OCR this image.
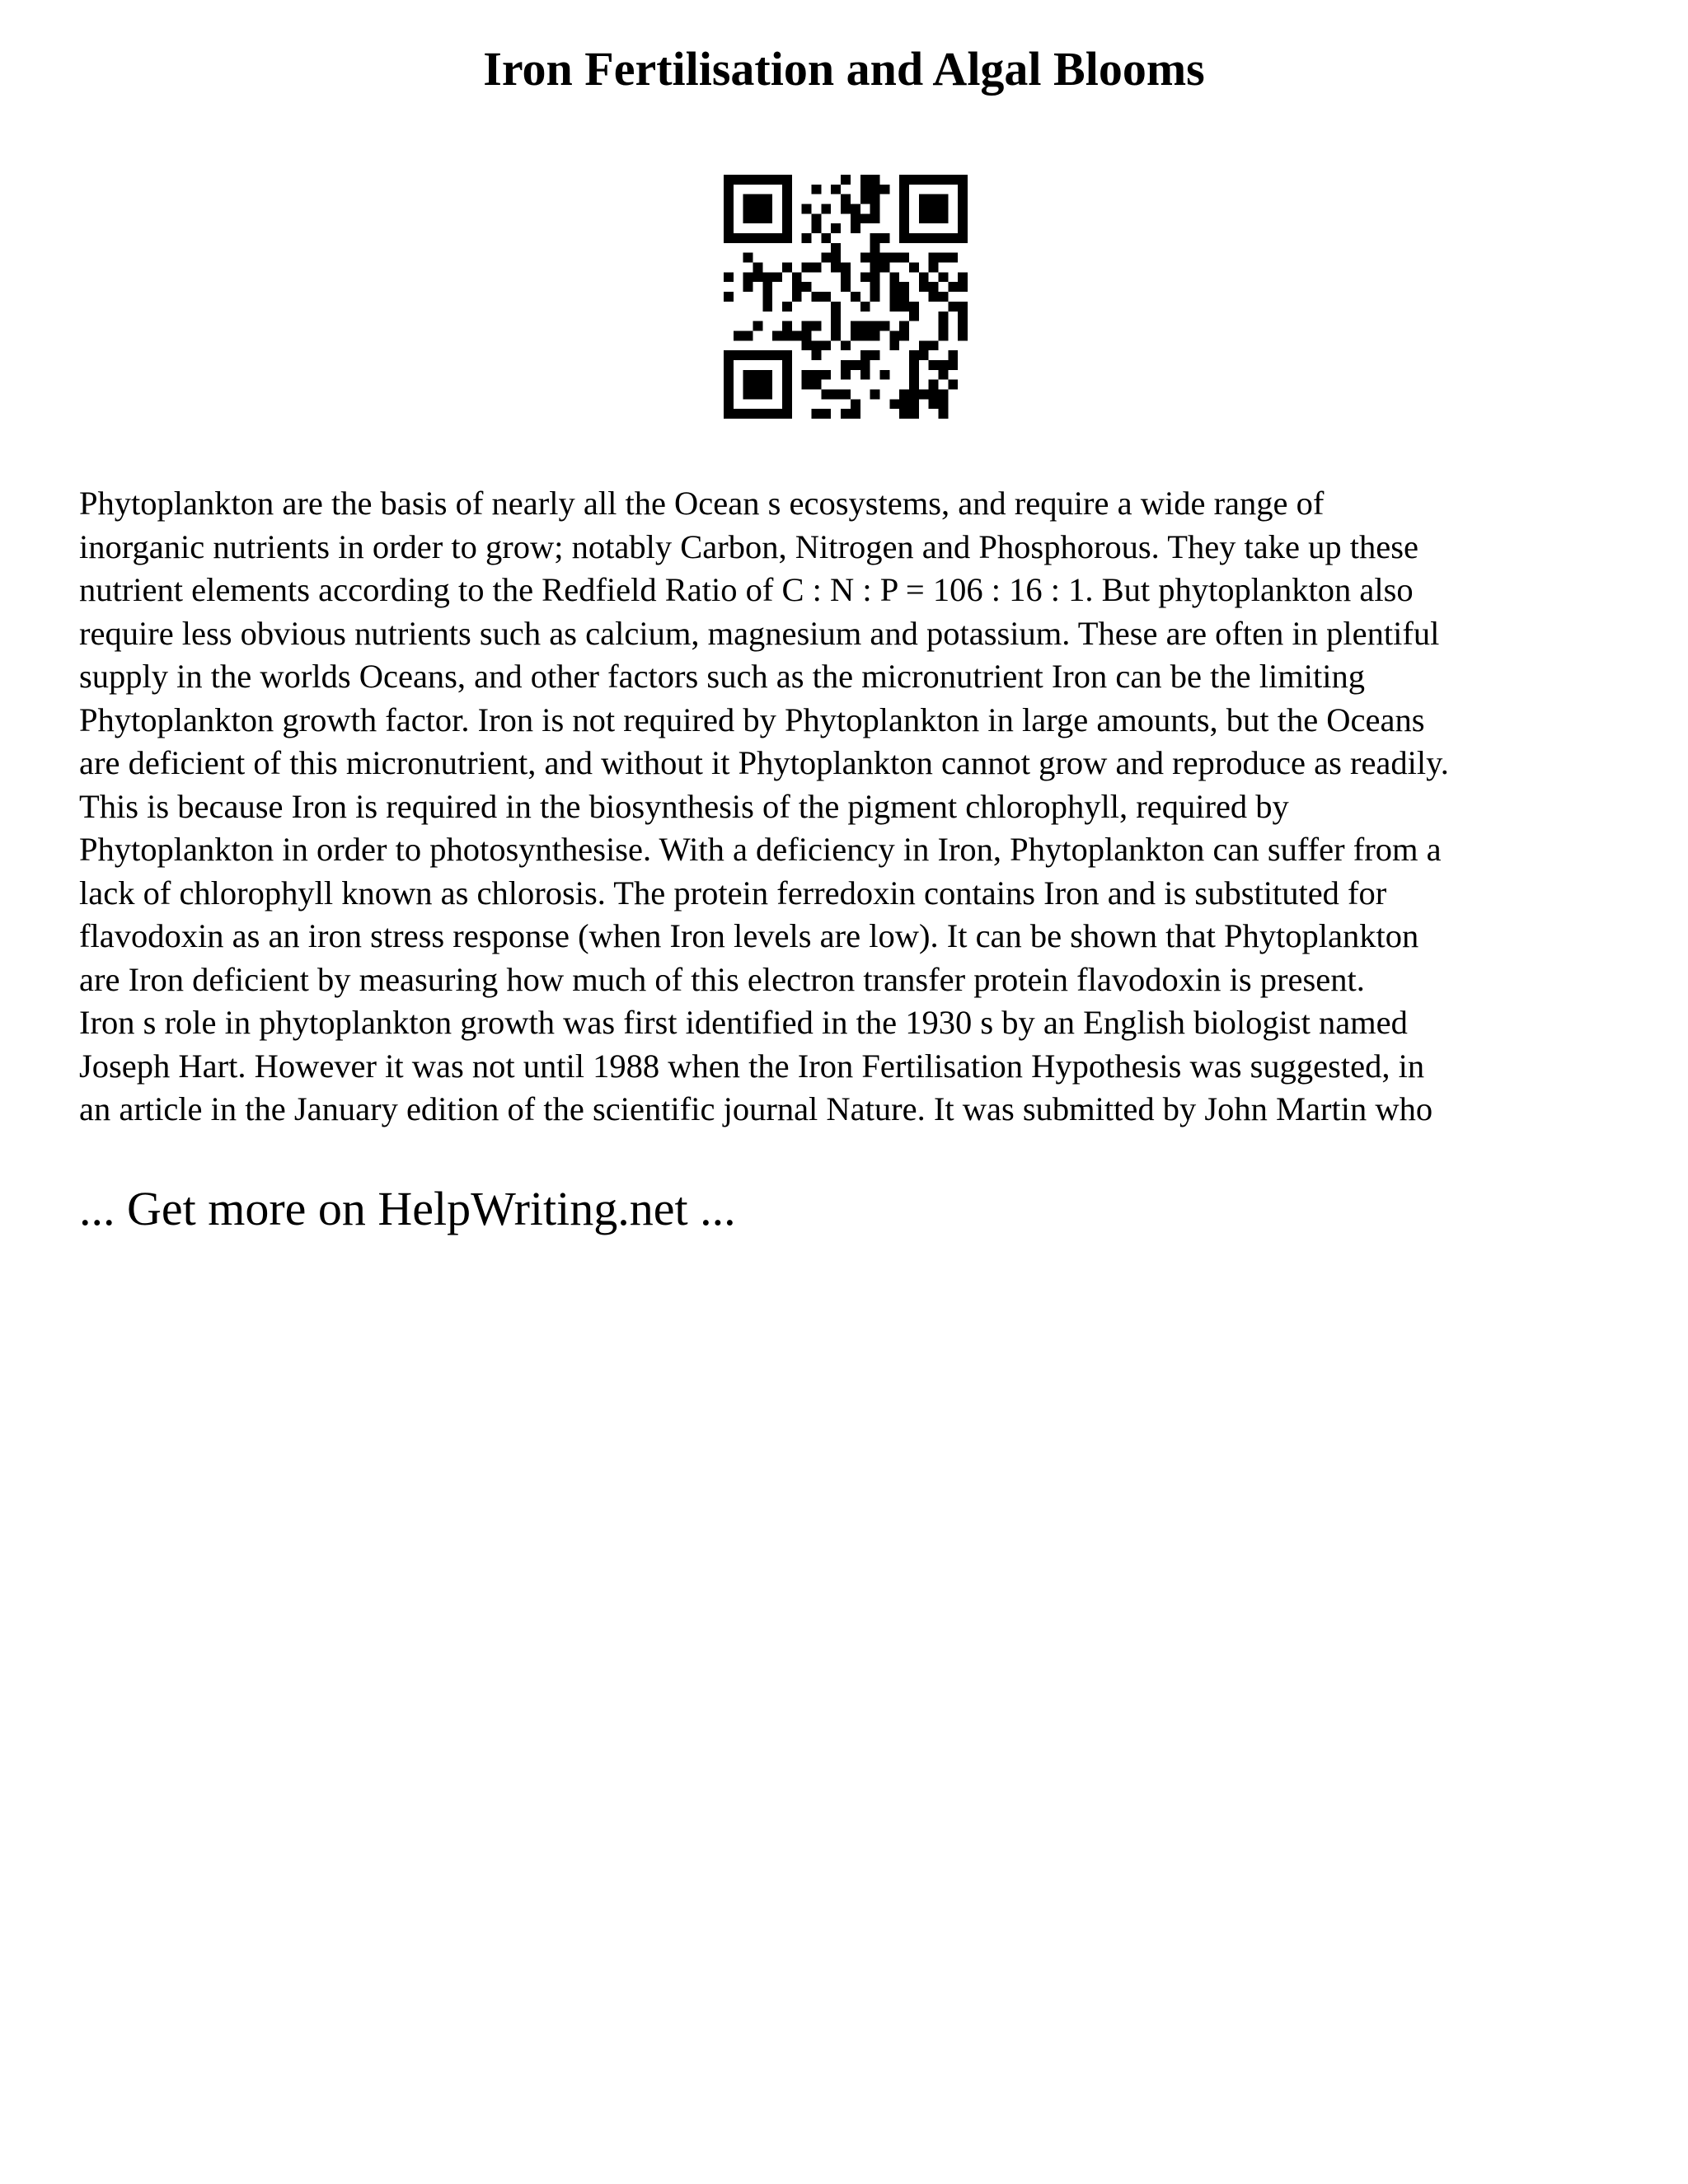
Iron Fertilisation and Algal Blooms

Phytoplankton are the basis of nearly all the Ocean s ecosystems, and require a wide range of
inorganic nutrients in order to grow; notably Carbon, Nitrogen and Phosphorous. They take up these
nutrient elements according to the Redfield Ratio of C : N : P = 106 : 16 : 1. But phytoplankton also
require less obvious nutrients such as calcium, magnesium and potassium. These are often in plentiful
supply in the worlds Oceans, and other factors such as the micronutrient Iron can be the limiting
Phytoplankton growth factor. Iron is not required by Phytoplankton in large amounts, but the Oceans
are deficient of this micronutrient, and without it Phytoplankton cannot grow and reproduce as readily.
This is because Iron is required in the biosynthesis of the pigment chlorophyll, required by
Phytoplankton in order to photosynthesise. With a deficiency in Iron, Phytoplankton can suffer from a
lack of chlorophyll known as chlorosis. The protein ferredoxin contains Iron and is substituted for
flavodoxin as an iron stress response (when Iron levels are low). It can be shown that Phytoplankton
are Iron deficient by measuring how much of this electron transfer protein flavodoxin is present.
Iron s role in phytoplankton growth was first identified in the 1930 s by an English biologist named
Joseph Hart. However it was not until 1988 when the Iron Fertilisation Hypothesis was suggested, in
an article in the January edition of the scientific journal Nature. It was submitted by John Martin who

... Get more on HelpWriting.net ...
